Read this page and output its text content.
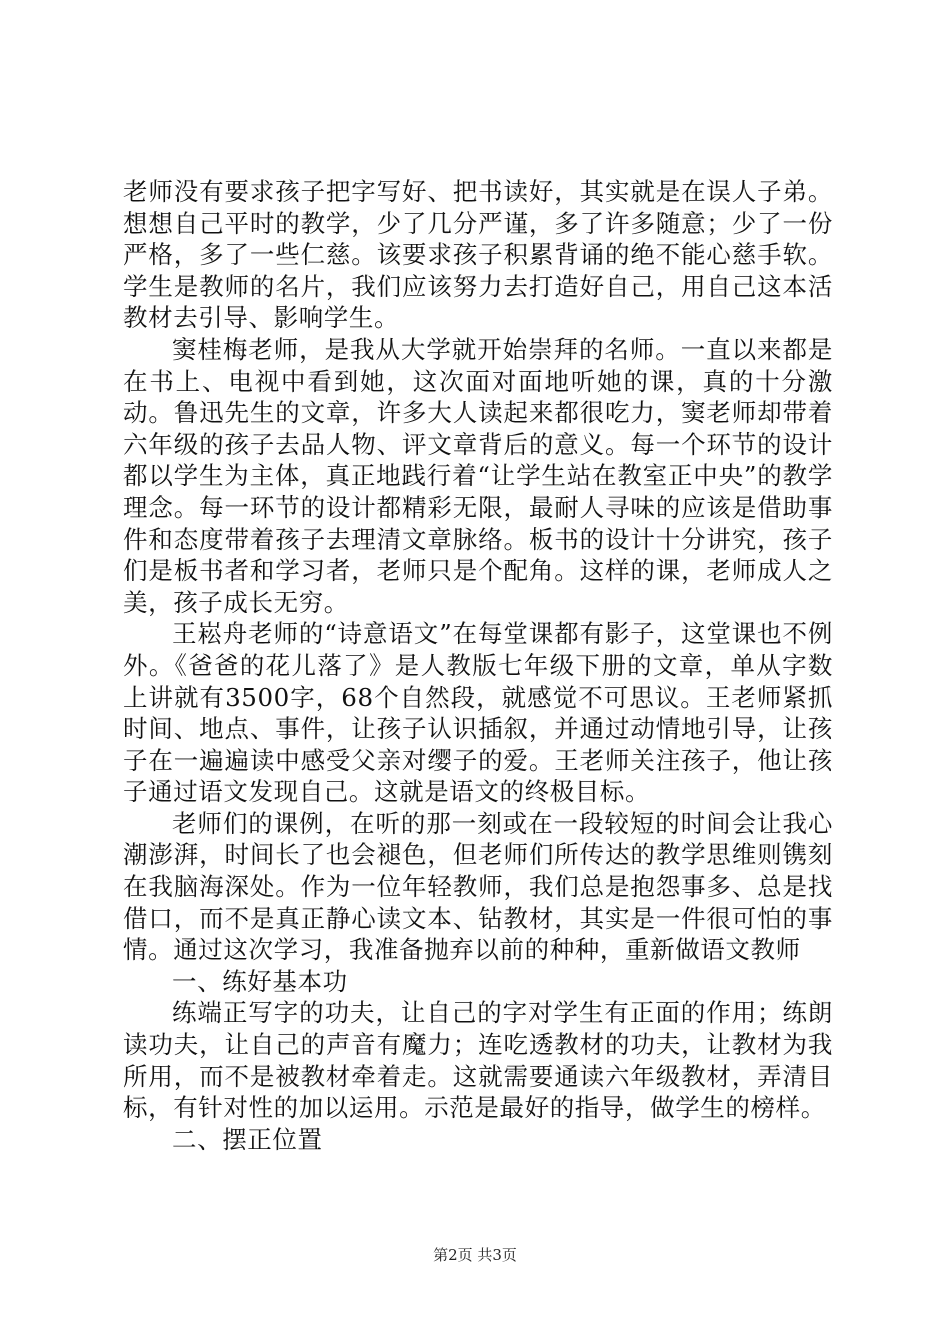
老师没有要求孩子把字写好、把书读好，其实就是在误人子弟。想想自己平时的教学，少了几分严谨，多了许多随意；少了一份严格，多了一些仁慈。该要求孩子积累背诵的绝不能心慈手软。学生是教师的名片，我们应该努力去打造好自己，用自己这本活教材去引导、影响学生。

窦桂梅老师，是我从大学就开始崇拜的名师。一直以来都是在书上、电视中看到她，这次面对面地听她的课，真的十分激动。鲁迅先生的文章，许多大人读起来都很吃力，窦老师却带着六年级的孩子去品人物、评文章背后的意义。每一个环节的设计都以学生为主体，真正地践行着“让学生站在教室正中央”的教学理念。每一环节的设计都精彩无限，最耐人寻味的应该是借助事件和态度带着孩子去理清文章脉络。板书的设计十分讲究，孩子们是板书者和学习者，老师只是个配角。这样的课，老师成人之美，孩子成长无穷。

王崧舟老师的“诗意语文”在每堂课都有影子，这堂课也不例外。《爸爸的花儿落了》是人教版七年级下册的文章，单从字数上讲就有3500字，68个自然段，就感觉不可思议。王老师紧抓时间、地点、事件，让孩子认识插叙，并通过动情地引导，让孩子在一遍遍读中感受父亲对缨子的爱。王老师关注孩子，他让孩子通过语文发现自己。这就是语文的终极目标。

老师们的课例，在听的那一刻或在一段较短的时间会让我心潮澎湃，时间长了也会褪色，但老师们所传达的教学思维则镌刻在我脑海深处。作为一位年轻教师，我们总是抱怨事多、总是找借口，而不是真正静心读文本、钻教材，其实是一件很可怕的事情。通过这次学习，我准备抛弃以前的种种，重新做语文教师

一、练好基本功

练端正写字的功夫，让自己的字对学生有正面的作用；练朗读功夫，让自己的声音有魔力；连吃透教材的功夫，让教材为我所用，而不是被教材牵着走。这就需要通读六年级教材，弄清目标，有针对性的加以运用。示范是最好的指导，做学生的榜样。

二、摆正位置

第2页 共3页
